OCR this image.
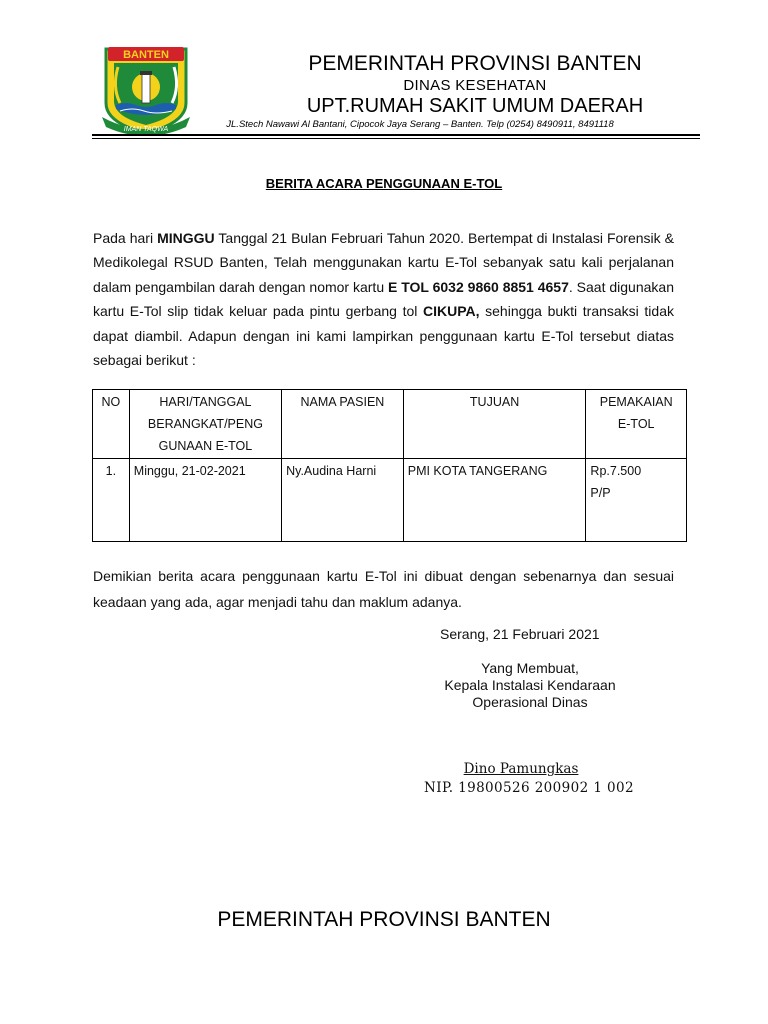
BANTEN
IMAN TAQWA
PEMERINTAH PROVINSI BANTEN
DINAS KESEHATAN
UPT.RUMAH SAKIT UMUM DAERAH
JL.Stech Nawawi Al Bantani, Cipocok Jaya Serang – Banten. Telp (0254) 8490911, 8491118
BERITA ACARA PENGGUNAAN E-TOL
Pada hari MINGGU Tanggal 21 Bulan Februari Tahun 2020. Bertempat di Instalasi Forensik & Medikolegal RSUD Banten, Telah menggunakan kartu E-Tol sebanyak satu kali perjalanan dalam pengambilan darah dengan nomor kartu E TOL 6032 9860 8851 4657. Saat digunakan kartu E-Tol slip tidak keluar pada pintu gerbang tol CIKUPA, sehingga bukti transaksi tidak dapat diambil. Adapun dengan ini kami lampirkan penggunaan kartu E-Tol tersebut diatas sebagai berikut :
NO	HARI/TANGGAL
BERANGKAT/PENG
GUNAAN E-TOL	NAMA PASIEN	TUJUAN	PEMAKAIAN
E-TOL

1.	Minggu, 21-02-2021	Ny.Audina Harni	PMI KOTA TANGERANG	Rp.7.500
P/P
Demikian berita acara penggunaan kartu E-Tol ini dibuat dengan sebenarnya dan sesuai keadaan yang ada, agar menjadi tahu dan maklum adanya.
Serang, 21 Februari 2021
Yang Membuat,
Kepala Instalasi Kendaraan
Operasional Dinas
Dino Pamungkas
NIP. 19800526 200902 1 002
PEMERINTAH PROVINSI BANTEN
